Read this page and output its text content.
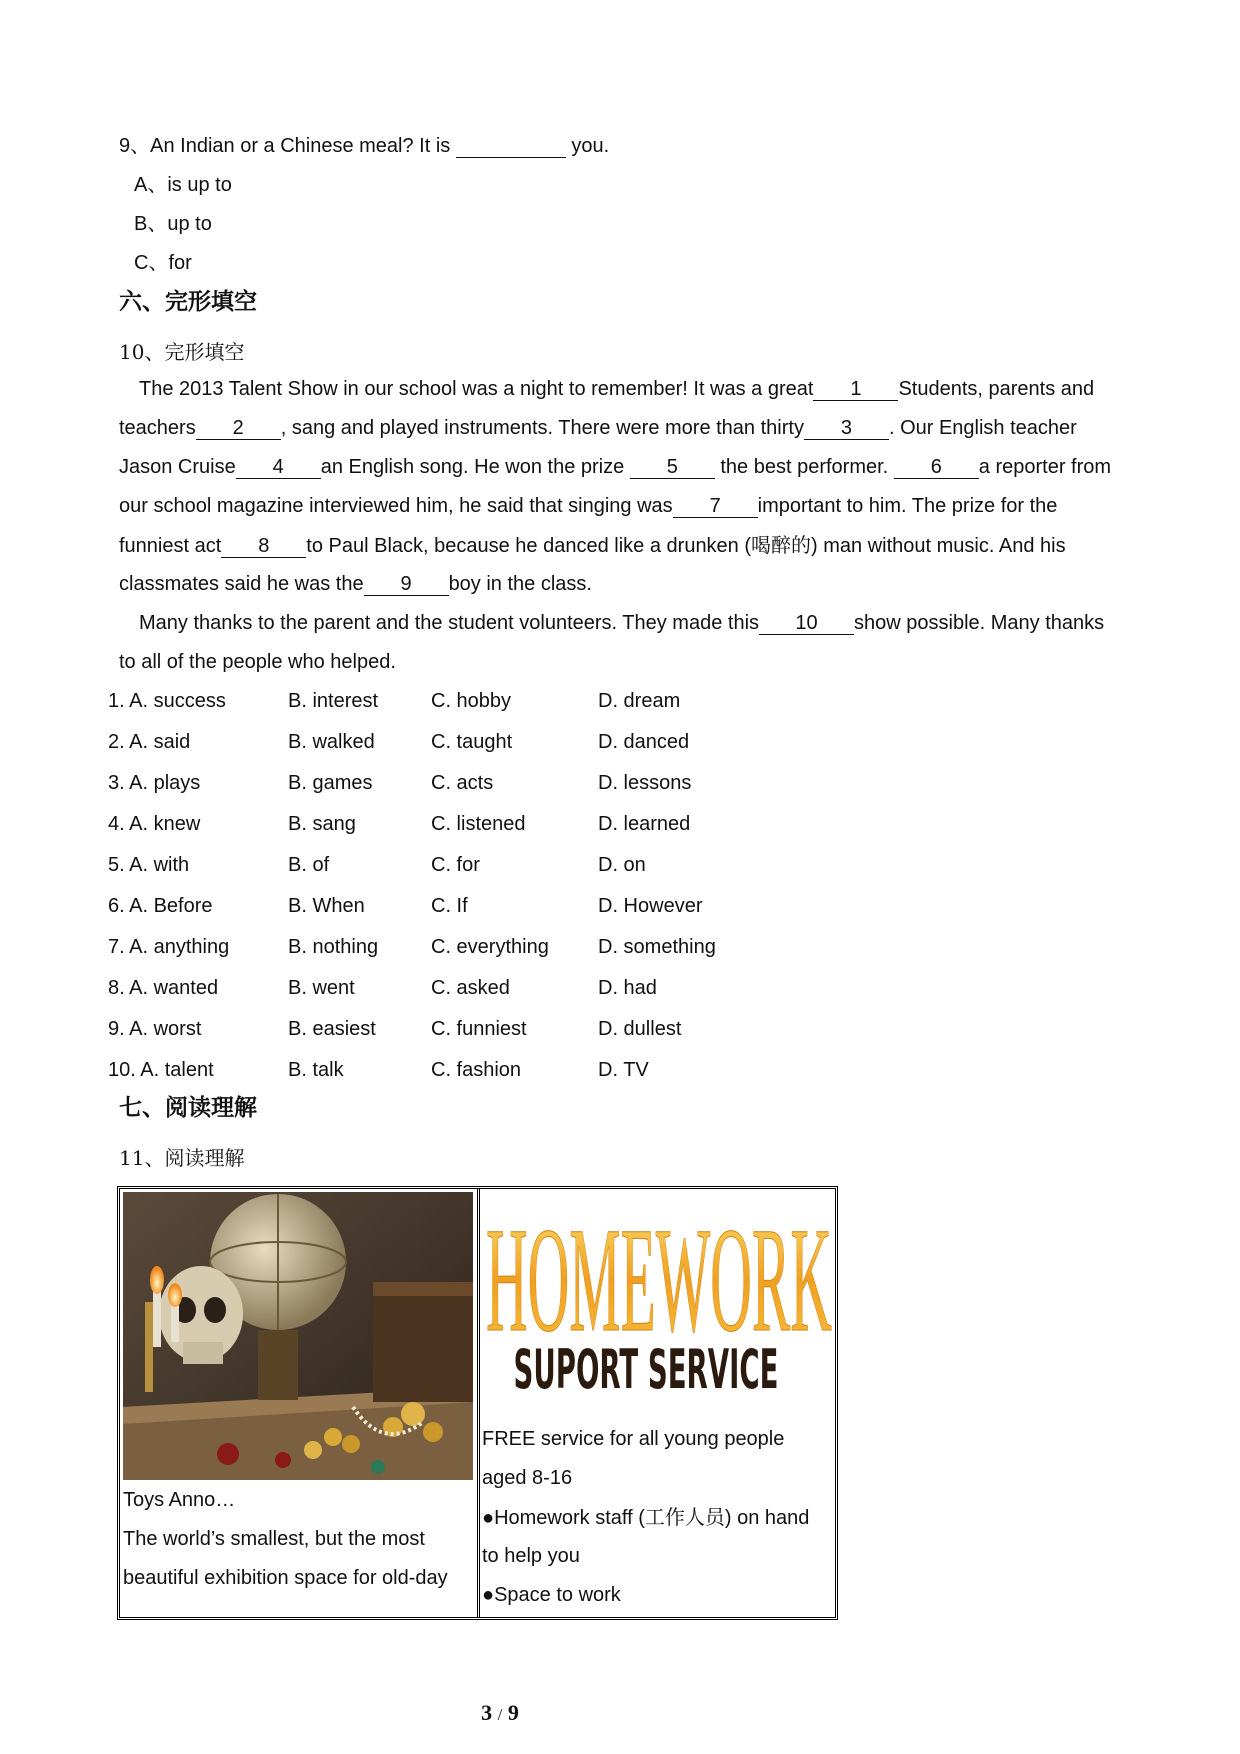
9、An Indian or a Chinese meal? It is	you.
A、is up to
B、up to
C、for
六、完形填空
10、完形填空
The 2013 Talent Show in our school was a night to remember! It was a great 1 Students, parents and
teachers 2 , sang and played instruments. There were more than thirty 3 . Our English teacher
Jason Cruise 4 an English song. He won the prize 5 the best performer. 6 a reporter from
our school magazine interviewed him, he said that singing was 7 important to him. The prize for the
funniest act 8 to Paul Black, because he danced like a drunken (喝醉的) man without music. And his
classmates said he was the 9 boy in the class.
Many thanks to the parent and the student volunteers. They made this 10 show possible. Many thanks
to all of the people who helped.
1. A. success	B. interest	C. hobby	D. dream
2. A. said	B. walked	C. taught	D. danced
3. A. plays	B. games	C. acts	D. lessons
4. A. knew	B. sang	C. listened	D. learned
5. A. with	B. of	C. for	D. on
6. A. Before	B. When	C. If	D. However
7. A. anything	B. nothing	C. everything D. something
8. A. wanted	B. went	C. asked	D. had
9. A. worst	B. easiest	C. funniest	D. dullest
10. A. talent	B. talk	C. fashion	D. TV
七、阅读理解
11、阅读理解
Toys Anno…
The world’s smallest, but the most
beautiful exhibition space for old-day
HOMEWORK
SUPORT SERVICE
FREE service for all young people
aged 8-16
●Homework staff (工作人员) on hand
to help you
●Space to work
3 / 9
